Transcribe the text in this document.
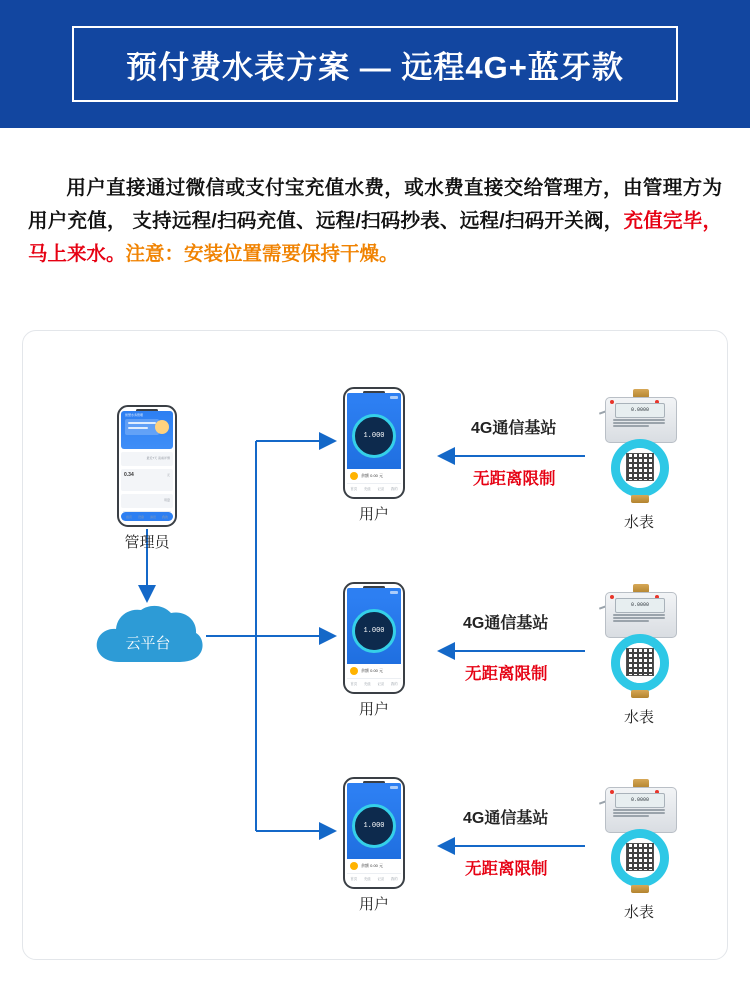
预付费水表方案 — 远程4G+蓝牙款
用户直接通过微信或支付宝充值水费，或水费直接交给管理方，由管理方为用户充值， 支持远程/扫码充值、远程/扫码抄表、远程/扫码开关阀，充值完毕，马上来水。注意：安装位置需要保持干燥。
智慧水务管理
最近7天 查看详情
0.34	元
用量
首页	设备	消息	我的
管理员
云平台
1.000
余额 0.00 元
首页	充值	记录	我的
用户
1.000
余额 0.00 元
首页	充值	记录	我的
用户
1.000
余额 0.00 元
首页	充值	记录	我的
用户
4G通信基站
无距离限制
4G通信基站
无距离限制
4G通信基站
无距离限制
0.0000
水表
0.0000
水表
0.0000
水表
